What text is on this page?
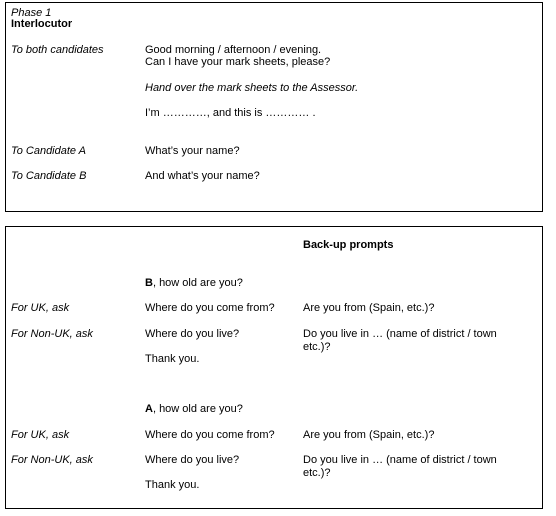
Phase 1
Interlocutor
To both candidates	Good morning / afternoon / evening.
Can I have your mark sheets, please?
Hand over the mark sheets to the Assessor.
I’m …………, and this is ………… .
To Candidate A	What’s your name?
To Candidate B	And what’s your name?
Back-up prompts
B, how old are you?
For UK, ask	Where do you come from?	Are you from (Spain, etc.)?
For Non-UK, ask	Where do you live?	Do you live in … (name of district / town etc.)?
Thank you.
A, how old are you?
For UK, ask	Where do you come from?	Are you from (Spain, etc.)?
For Non-UK, ask	Where do you live?	Do you live in … (name of district / town etc.)?
Thank you.
